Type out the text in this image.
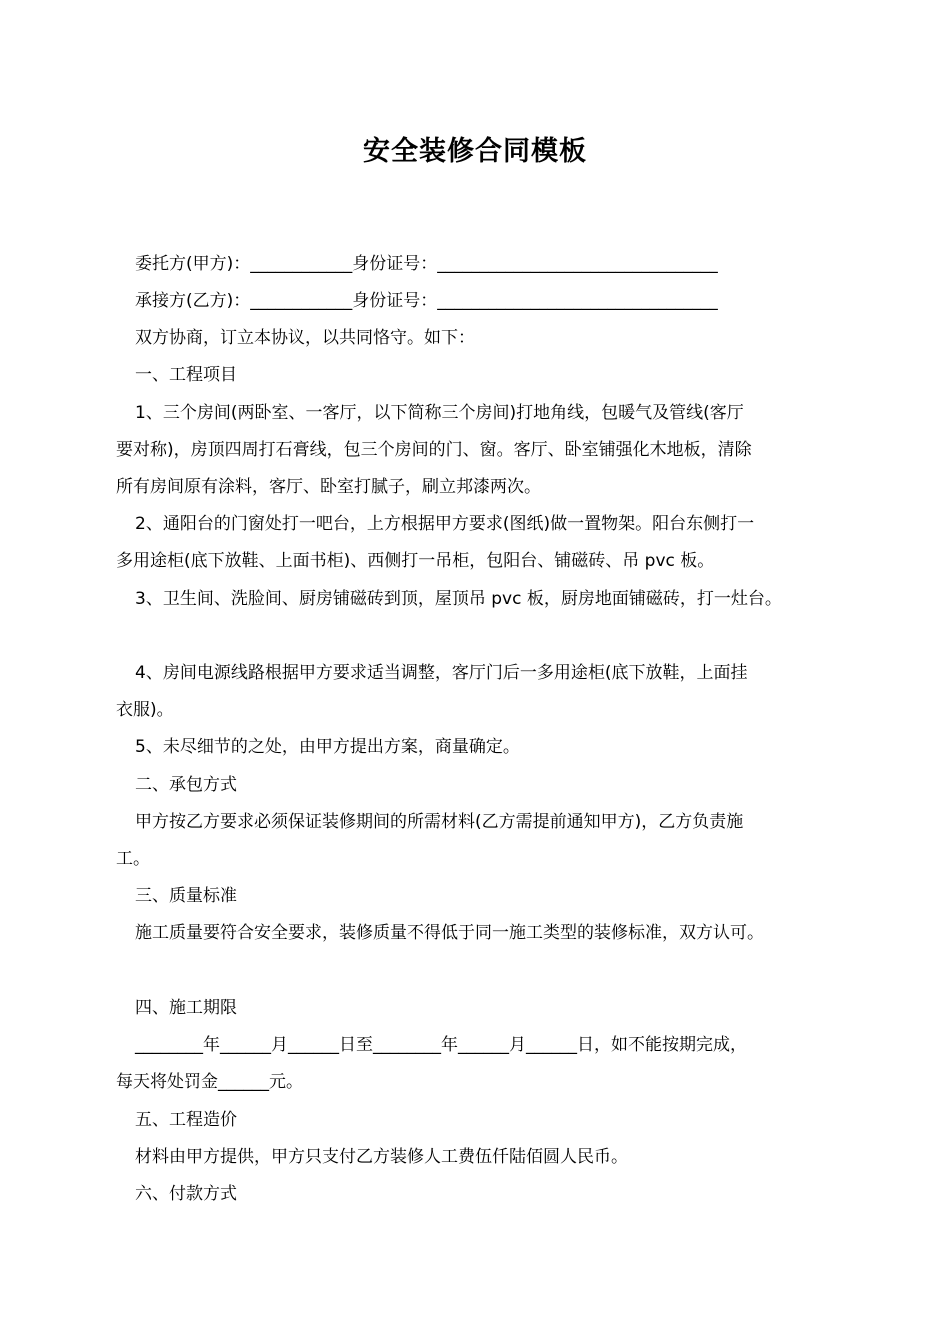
安全装修合同模板
委托方(甲方)：____________身份证号：_________________________________
承接方(乙方)：____________身份证号：_________________________________
双方协商，订立本协议，以共同恪守。如下：
一、工程项目
1、三个房间(两卧室、一客厅，以下简称三个房间)打地角线，包暖气及管线(客厅
要对称)，房顶四周打石膏线，包三个房间的门、窗。客厅、卧室铺强化木地板，清除
所有房间原有涂料，客厅、卧室打腻子，刷立邦漆两次。
2、通阳台的门窗处打一吧台，上方根据甲方要求(图纸)做一置物架。阳台东侧打一
多用途柜(底下放鞋、上面书柜)、西侧打一吊柜，包阳台、铺磁砖、吊 pvc 板。
3、卫生间、洗脸间、厨房铺磁砖到顶，屋顶吊 pvc 板，厨房地面铺磁砖，打一灶台。
4、房间电源线路根据甲方要求适当调整，客厅门后一多用途柜(底下放鞋，上面挂
衣服)。
5、未尽细节的之处，由甲方提出方案，商量确定。
二、承包方式
甲方按乙方要求必须保证装修期间的所需材料(乙方需提前通知甲方)，乙方负责施
工。
三、质量标准
施工质量要符合安全要求，装修质量不得低于同一施工类型的装修标准，双方认可。
四、施工期限
________年______月______日至________年______月______日，如不能按期完成，
每天将处罚金______元。
五、工程造价
材料由甲方提供，甲方只支付乙方装修人工费伍仟陆佰圆人民币。
六、付款方式
